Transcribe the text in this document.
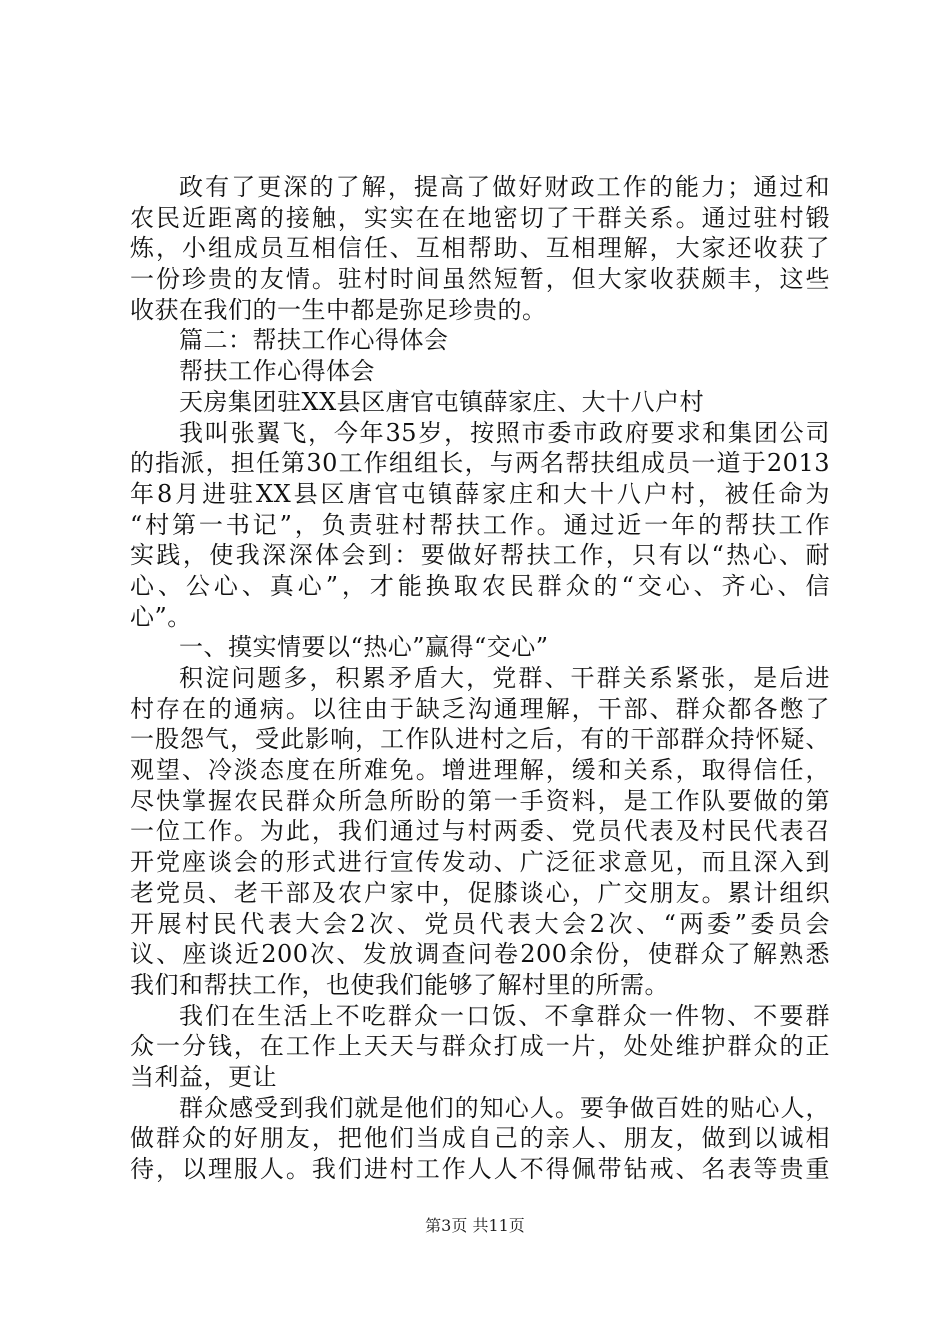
政有了更深的了解，提高了做好财政工作的能力；通过和
农民近距离的接触，实实在在地密切了干群关系。通过驻村锻
炼，小组成员互相信任、互相帮助、互相理解，大家还收获了
一份珍贵的友情。驻村时间虽然短暂，但大家收获颇丰，这些
收获在我们的一生中都是弥足珍贵的。
篇二：帮扶工作心得体会
帮扶工作心得体会
天房集团驻XX县区唐官屯镇薛家庄、大十八户村
我叫张翼飞，今年35岁，按照市委市政府要求和集团公司
的指派，担任第30工作组组长，与两名帮扶组成员一道于2013
年8月进驻XX县区唐官屯镇薛家庄和大十八户村，被任命为
“村第一书记”，负责驻村帮扶工作。通过近一年的帮扶工作
实践，使我深深体会到：要做好帮扶工作，只有以“热心、耐
心、公心、真心”，才能换取农民群众的“交心、齐心、信
心”。
一、摸实情要以“热心”赢得“交心”
积淀问题多，积累矛盾大，党群、干群关系紧张，是后进
村存在的通病。以往由于缺乏沟通理解，干部、群众都各憋了
一股怨气，受此影响，工作队进村之后，有的干部群众持怀疑、
观望、冷淡态度在所难免。增进理解，缓和关系，取得信任，
尽快掌握农民群众所急所盼的第一手资料，是工作队要做的第
一位工作。为此，我们通过与村两委、党员代表及村民代表召
开党座谈会的形式进行宣传发动、广泛征求意见，而且深入到
老党员、老干部及农户家中，促膝谈心，广交朋友。累计组织
开展村民代表大会2次、党员代表大会2次、“两委”委员会
议、座谈近200次、发放调查问卷200余份，使群众了解熟悉
我们和帮扶工作，也使我们能够了解村里的所需。
我们在生活上不吃群众一口饭、不拿群众一件物、不要群
众一分钱，在工作上天天与群众打成一片，处处维护群众的正
当利益，更让
群众感受到我们就是他们的知心人。要争做百姓的贴心人，
做群众的好朋友，把他们当成自己的亲人、朋友，做到以诚相
待，以理服人。我们进村工作人人不得佩带钻戒、名表等贵重
第3页 共11页
